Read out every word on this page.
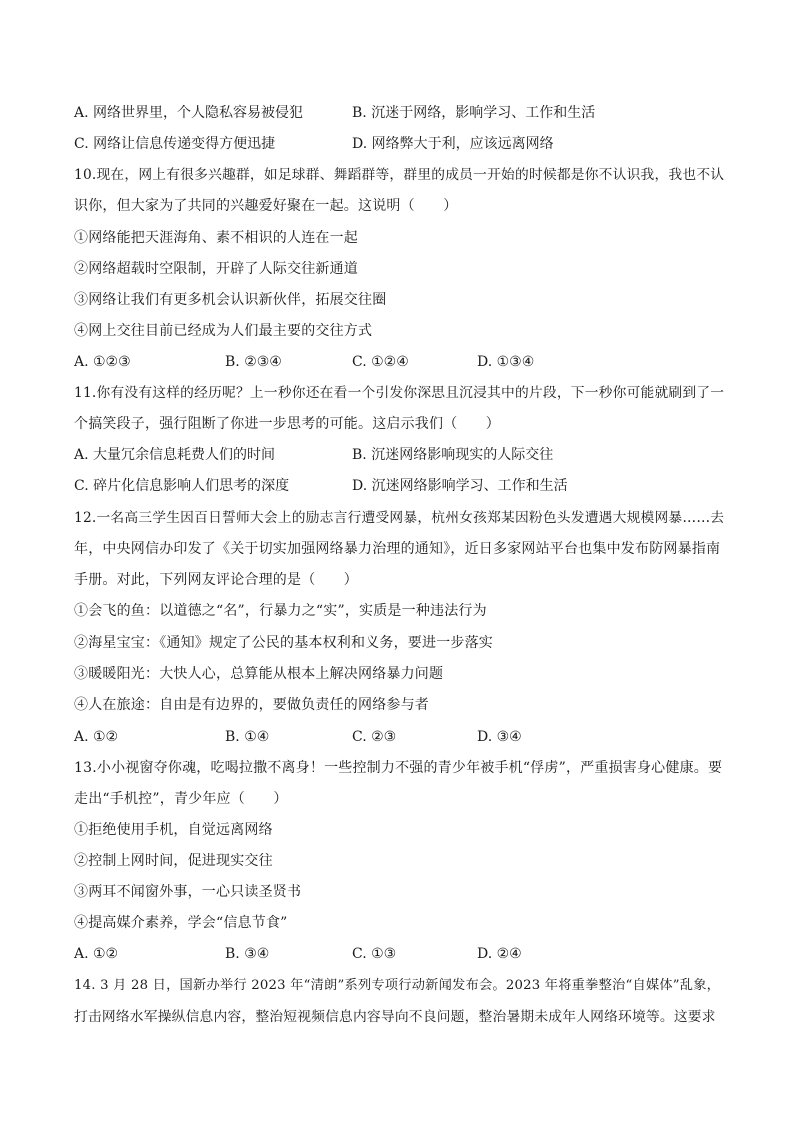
A. 网络世界里，个人隐私容易被侵犯	B. 沉迷于网络，影响学习、工作和生活
C. 网络让信息传递变得方便迅捷	D. 网络弊大于利，应该远离网络
10.现在，网上有很多兴趣群，如足球群、舞蹈群等，群里的成员一开始的时候都是你不认识我，我也不认
识你，但大家为了共同的兴趣爱好聚在一起。这说明（　　）
①网络能把天涯海角、素不相识的人连在一起
②网络超载时空限制，开辟了人际交往新通道
③网络让我们有更多机会认识新伙伴，拓展交往圈
④网上交往目前已经成为人们最主要的交往方式
A. ①②③	B. ②③④	C. ①②④	D. ①③④
11.你有没有这样的经历呢？上一秒你还在看一个引发你深思且沉浸其中的片段，下一秒你可能就刷到了一
个搞笑段子，强行阻断了你进一步思考的可能。这启示我们（　　）
A. 大量冗余信息耗费人们的时间	B. 沉迷网络影响现实的人际交往
C. 碎片化信息影响人们思考的深度	D. 沉迷网络影响学习、工作和生活
12.一名高三学生因百日誓师大会上的励志言行遭受网暴，杭州女孩郑某因粉色头发遭遇大规模网暴……去
年，中央网信办印发了《关于切实加强网络暴力治理的通知》，近日多家网站平台也集中发布防网暴指南
手册。对此，下列网友评论合理的是（　　）
①会飞的鱼：以道德之“名”，行暴力之“实”，实质是一种违法行为
②海星宝宝：《通知》规定了公民的基本权利和义务，要进一步落实
③暖暖阳光：大快人心，总算能从根本上解决网络暴力问题
④人在旅途：自由是有边界的，要做负责任的网络参与者
A. ①②	B. ①④	C. ②③	D. ③④
13.小小视窗夺你魂，吃喝拉撒不离身！一些控制力不强的青少年被手机“俘虏”，严重损害身心健康。要
走出“手机控”，青少年应（　　）
①拒绝使用手机，自觉远离网络
②控制上网时间，促进现实交往
③两耳不闻窗外事，一心只读圣贤书
④提高媒介素养，学会“信息节食”
A. ①②	B. ③④	C. ①③	D. ②④
14. 3 月 28 日，国新办举行 2023 年“清朗”系列专项行动新闻发布会。2023 年将重拳整治“自媒体”乱象，
打击网络水军操纵信息内容，整治短视频信息内容导向不良问题，整治暑期未成年人网络环境等。这要求
